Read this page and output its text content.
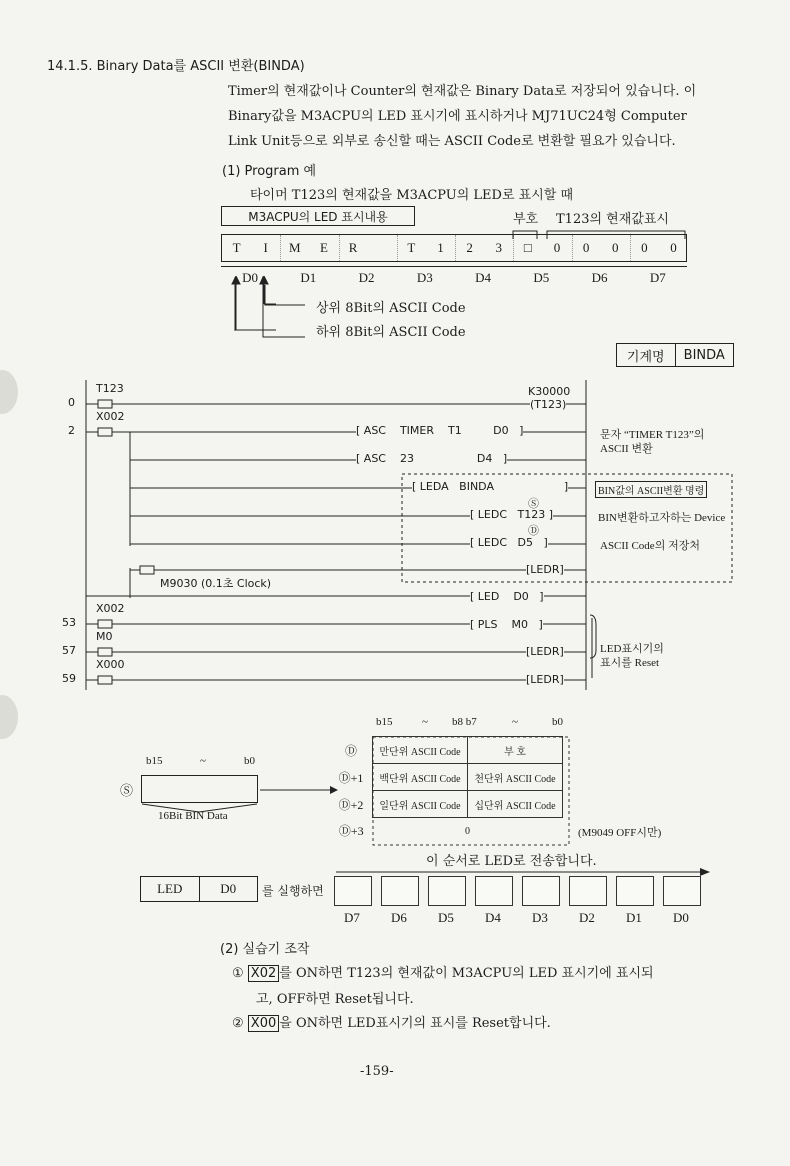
14.1.5. Binary Data를 ASCII 변환(BINDA)
Timer의 현재값이나 Counter의 현재값은 Binary Data로 저장되어 있습니다. 이
Binary값을 M3ACPU의 LED 표시기에 표시하거나 MJ71UC24형 Computer
Link Unit등으로 외부로 송신할 때는 ASCII Code로 변환할 필요가 있습니다.
(1) Program 예
타이머 T123의 현재값을 M3ACPU의 LED로 표시할 때
M3ACPU의 LED 표시내용	부호 T123의 현재값표시
T	I	M	E	R	T	1	2	3	□	0	0	0	0	0
D0	D1	D2	D3	D4	D5	D6	D7
상위 8Bit의 ASCII Code
하위 8Bit의 ASCII Code
기계명	BINDA
0
2
53
57
59
T123
X002
M9030 (0.1초 Clock)
X002
M0
X000
K30000
(T123)
[ ASC    TIMER    T1         D0   ]
[ ASC    23                  D4   ]
[ LEDA   BINDA                    ]
[ LEDC   T123 ]
[ LEDC   D5   ]
[LEDR]
[ LED    D0   ]
[ PLS    M0   ]
[LEDR]
[LEDR]
Ⓢ
Ⓓ
문자 “TIMER T123”의
ASCII 변환
BIN값의 ASCII변환 명령
BIN변환하고자하는 Device
ASCII Code의 저장처
LED표시기의
표시를 Reset
b15	~ b8 b7	~	b0
Ⓓ	만단위 ASCII Code	부 호
Ⓓ+1	백단위 ASCII Code	천단위 ASCII Code
Ⓓ+2	일단위 ASCII Code	십단위 ASCII Code
Ⓓ+3	0		(M9049 OFF시만)
b15	~	b0
Ⓢ
16Bit BIN Data
이 순서로 LED로 전송합니다.
LED	D0	를 실행하면
D7 D6 D5 D4 D3 D2 D1 D0
(2) 실습기 조작
① X02 를 ON하면 T123의 현재값이 M3ACPU의 LED 표시기에 표시되
고, OFF하면 Reset됩니다.
② X00 을 ON하면 LED표시기의 표시를 Reset합니다.
-159-
